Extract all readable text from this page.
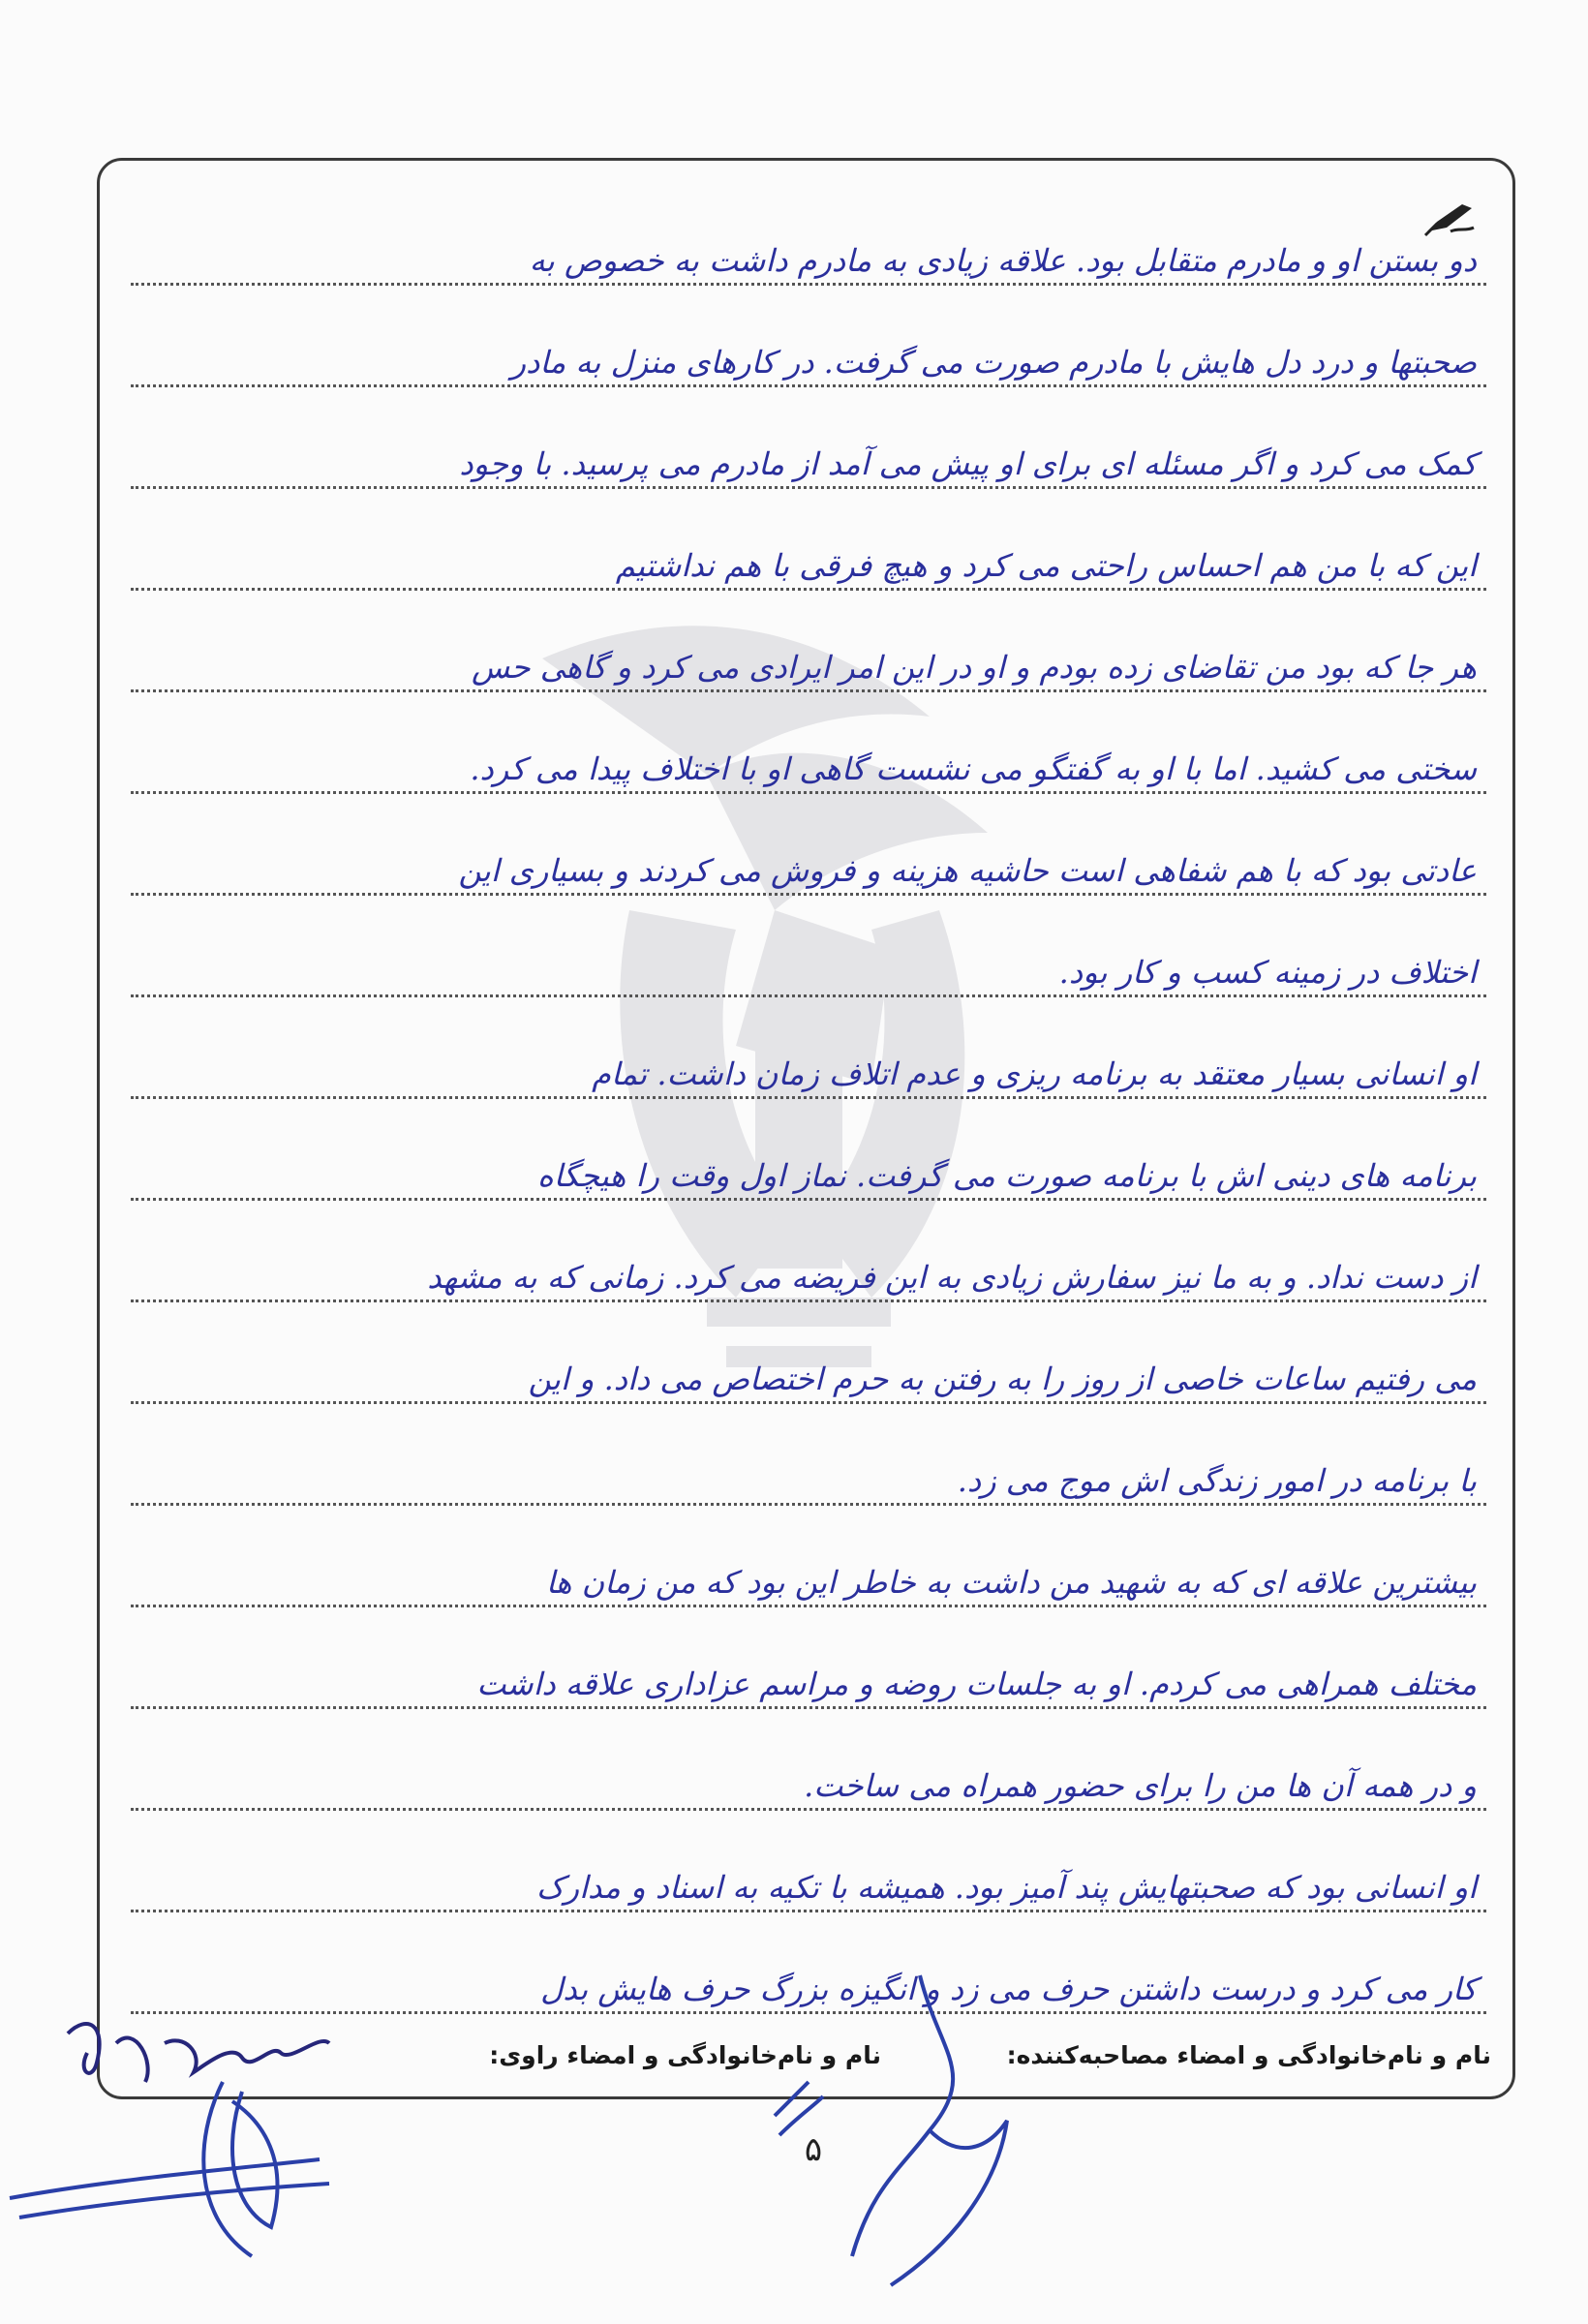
دو بستن او و مادرم متقابل بود. علاقه زیادی به مادرم داشت به خصوص به
صحبتها و درد دل هایش با مادرم صورت می گرفت. در کارهای منزل به مادر
کمک می کرد و اگر مسئله ای برای او پیش می آمد از مادرم می پرسید. با وجود
این که با من هم احساس راحتی می کرد و هیچ فرقی با هم نداشتیم
هر جا که بود من تقاضای زده بودم و او در این امر ایرادی می کرد و گاهی حس
سختی می کشید. اما با او به گفتگو می نشست گاهی او با اختلاف پیدا می کرد.
عادتی بود که با هم شفاهی است حاشیه هزینه و فروش می کردند و بسیاری این
اختلاف در زمینه کسب و کار بود.
او انسانی بسیار معتقد به برنامه ریزی و عدم اتلاف زمان داشت. تمام
برنامه های دینی اش با برنامه صورت می گرفت. نماز اول وقت را هیچگاه
از دست نداد. و به ما نیز سفارش زیادی به این فریضه می کرد. زمانی که به مشهد
می رفتیم ساعات خاصی از روز را به رفتن به حرم اختصاص می داد. و این
با برنامه در امور زندگی اش موج می زد.
بیشترین علاقه ای که به شهید من داشت به خاطر این بود که من زمان ها
مختلف همراهی می کردم. او به جلسات روضه و مراسم عزاداری علاقه داشت
و در همه آن ها من را برای حضور همراه می ساخت.
او انسانی بود که صحبتهایش پند آمیز بود. همیشه با تکیه به اسناد و مدارک
کار می کرد و درست داشتن حرف می زد و انگیزه بزرگ حرف هایش بدل
نام و نام‌خانوادگی و امضاء مصاحبه‌کننده:
نام و نام‌خانوادگی و امضاء راوی:
۵
